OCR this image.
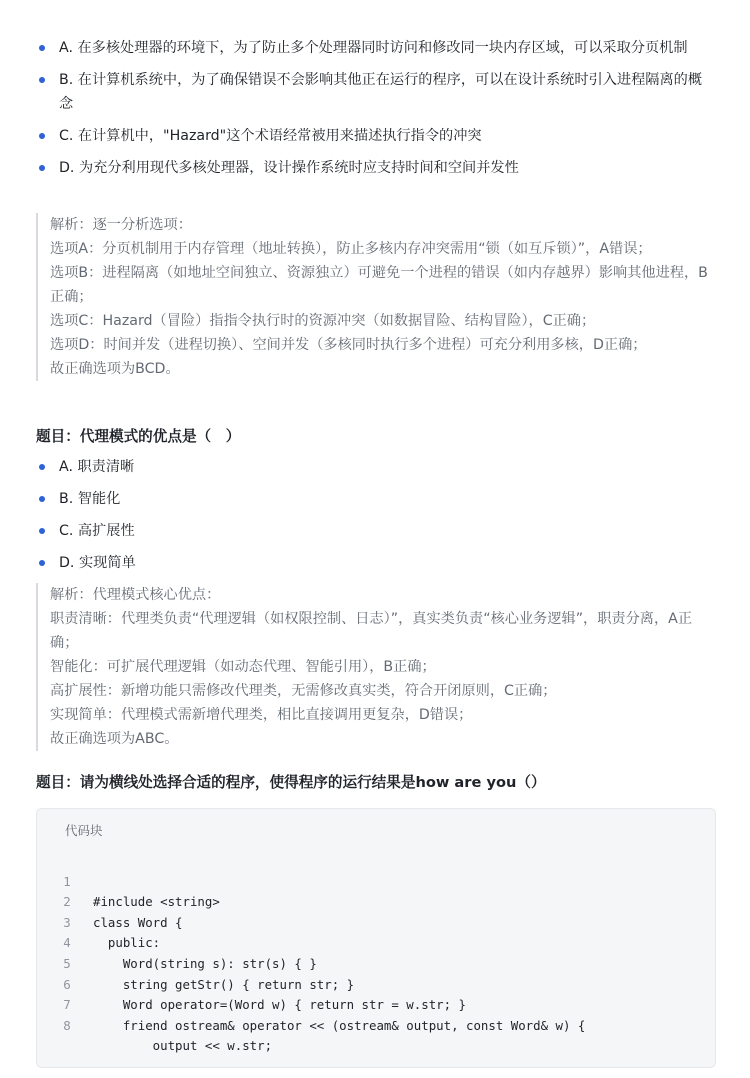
A. 在多核处理器的环境下，为了防止多个处理器同时访问和修改同一块内存区域，可以采取分页机制
B. 在计算机系统中，为了确保错误不会影响其他正在运行的程序，可以在设计系统时引入进程隔离的概念
C. 在计算机中，"Hazard"这个术语经常被用来描述执行指令的冲突
D. 为充分利用现代多核处理器，设计操作系统时应支持时间和空间并发性
解析：逐一分析选项：
选项A：分页机制用于内存管理（地址转换），防止多核内存冲突需用“锁（如互斥锁）”，A错误；
选项B：进程隔离（如地址空间独立、资源独立）可避免一个进程的错误（如内存越界）影响其他进程，B正确；
选项C：Hazard（冒险）指指令执行时的资源冲突（如数据冒险、结构冒险），C正确；
选项D：时间并发（进程切换）、空间并发（多核同时执行多个进程）可充分利用多核，D正确；
故正确选项为BCD。
题目：代理模式的优点是（　）
A. 职责清晰
B. 智能化
C. 高扩展性
D. 实现简单
解析：代理模式核心优点：
职责清晰：代理类负责“代理逻辑（如权限控制、日志）”，真实类负责“核心业务逻辑”，职责分离，A正确；
智能化：可扩展代理逻辑（如动态代理、智能引用），B正确；
高扩展性：新增功能只需修改代理类，无需修改真实类，符合开闭原则，C正确；
实现简单：代理模式需新增代理类，相比直接调用更复杂，D错误；
故正确选项为ABC。
题目：请为横线处选择合适的程序，使得程序的运行结果是how are you（）
代码块

1

#include <string>

2

class Word {

3

public:

4

Word(string s): str(s) { }

5

string getStr() { return str; }

6

Word operator=(Word w) { return str = w.str; }

7

friend ostream& operator << (ostream& output, const Word& w) {

8

output << w.str;
